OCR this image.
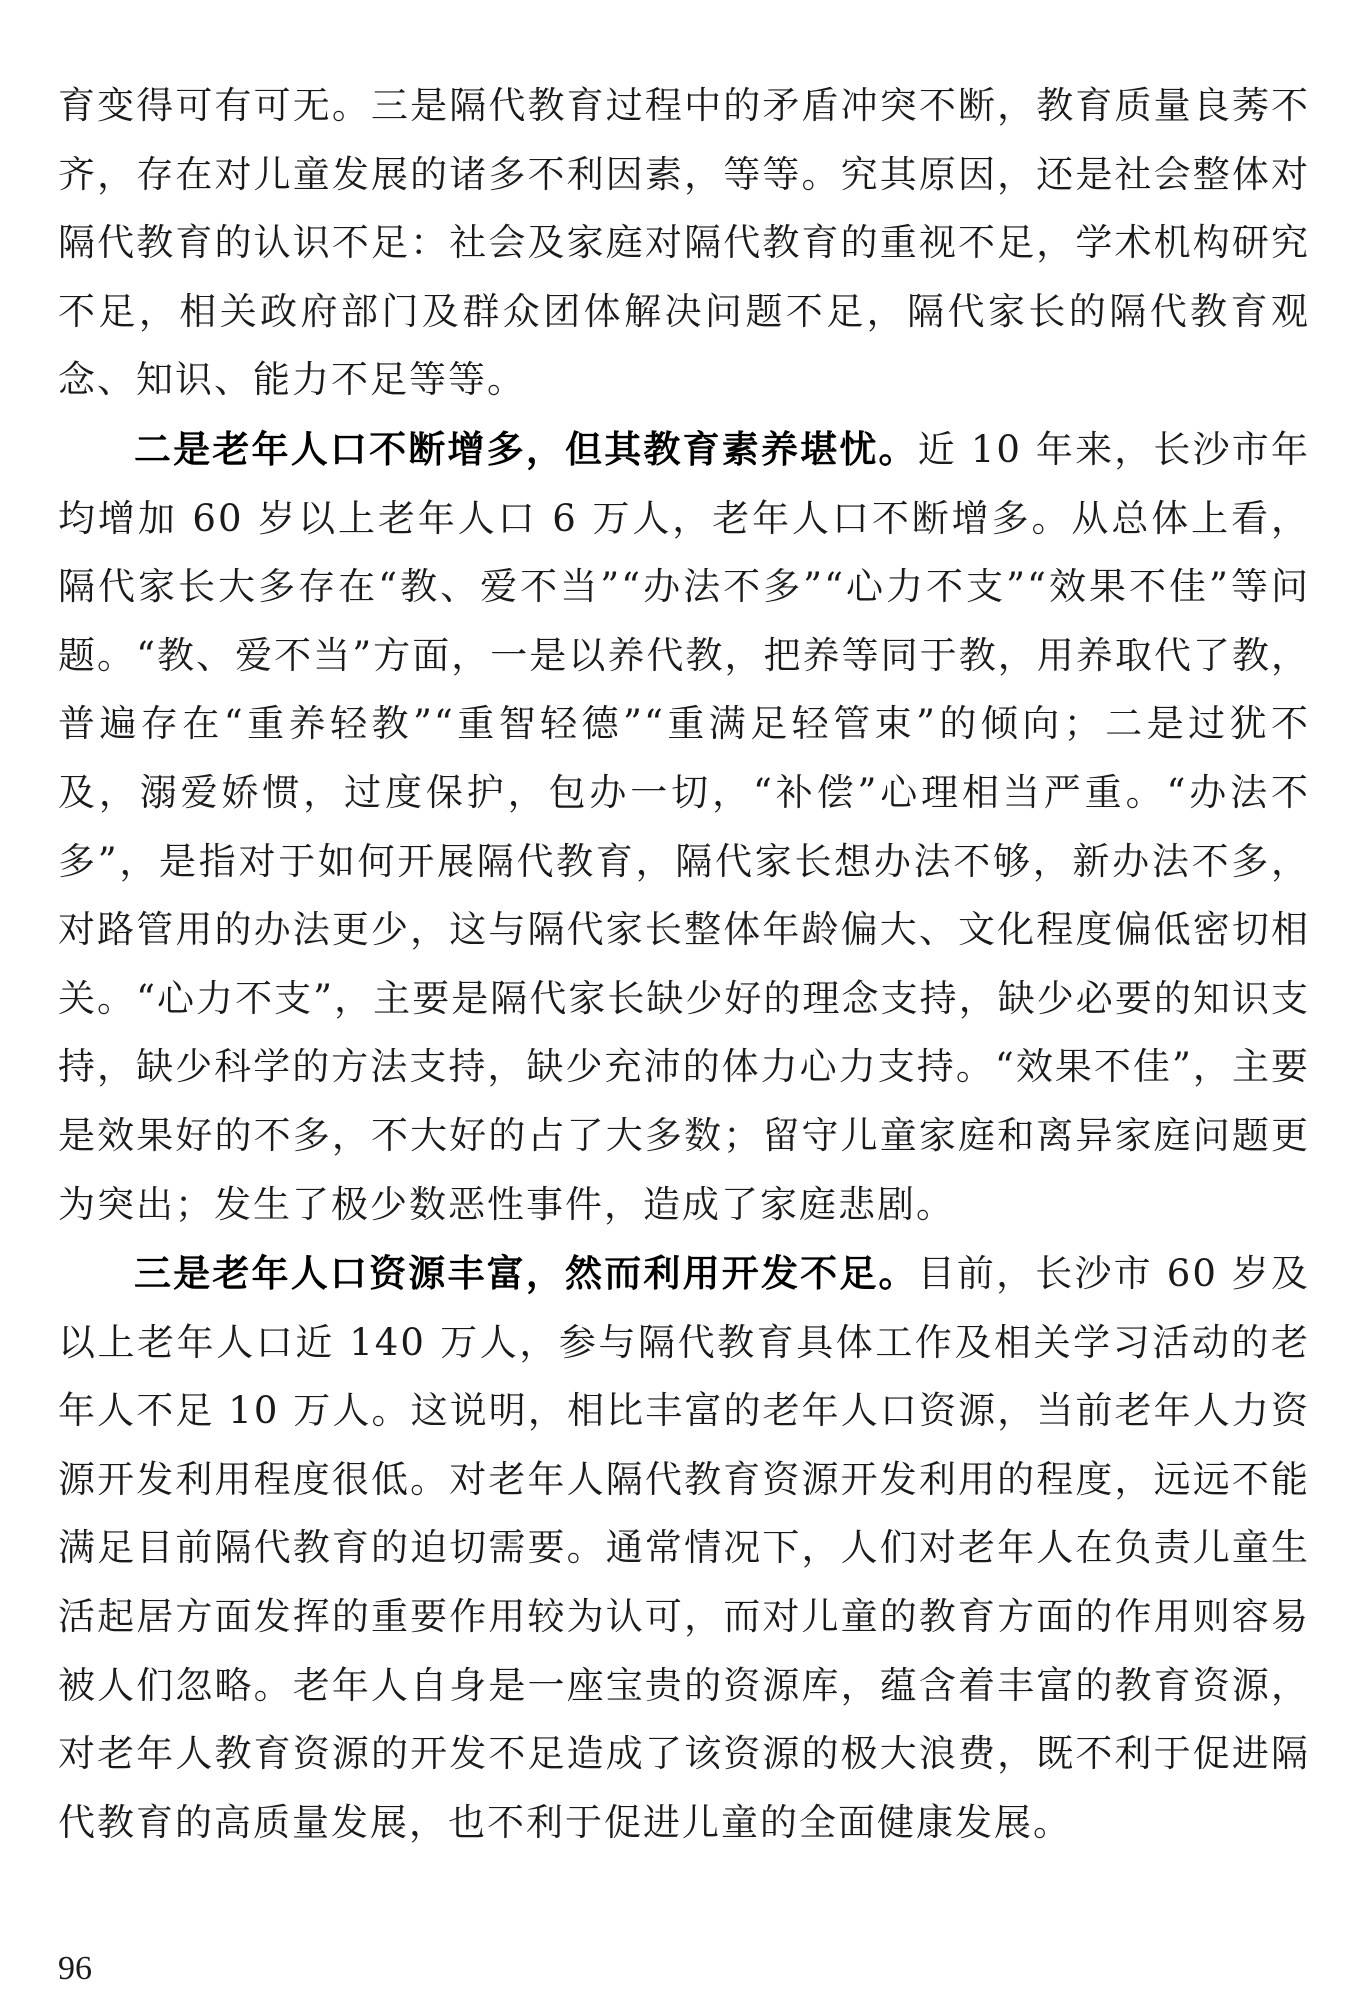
育变得可有可无。三是隔代教育过程中的矛盾冲突不断，教育质量良莠不齐，存在对儿童发展的诸多不利因素，等等。究其原因，还是社会整体对隔代教育的认识不足：社会及家庭对隔代教育的重视不足，学术机构研究不足，相关政府部门及群众团体解决问题不足，隔代家长的隔代教育观念、知识、能力不足等等。

二是老年人口不断增多，但其教育素养堪忧。近 10 年来，长沙市年均增加 60 岁以上老年人口 6 万人，老年人口不断增多。从总体上看，隔代家长大多存在“教、爱不当”“办法不多”“心力不支”“效果不佳”等问题。“教、爱不当”方面，一是以养代教，把养等同于教，用养取代了教，普遍存在“重养轻教”“重智轻德”“重满足轻管束”的倾向；二是过犹不及，溺爱娇惯，过度保护，包办一切，“补偿”心理相当严重。“办法不多”，是指对于如何开展隔代教育，隔代家长想办法不够，新办法不多，对路管用的办法更少，这与隔代家长整体年龄偏大、文化程度偏低密切相关。“心力不支”，主要是隔代家长缺少好的理念支持，缺少必要的知识支持，缺少科学的方法支持，缺少充沛的体力心力支持。“效果不佳”，主要是效果好的不多，不大好的占了大多数；留守儿童家庭和离异家庭问题更为突出；发生了极少数恶性事件，造成了家庭悲剧。

三是老年人口资源丰富，然而利用开发不足。目前，长沙市 60 岁及以上老年人口近 140 万人，参与隔代教育具体工作及相关学习活动的老年人不足 10 万人。这说明，相比丰富的老年人口资源，当前老年人力资源开发利用程度很低。对老年人隔代教育资源开发利用的程度，远远不能满足目前隔代教育的迫切需要。通常情况下，人们对老年人在负责儿童生活起居方面发挥的重要作用较为认可，而对儿童的教育方面的作用则容易被人们忽略。老年人自身是一座宝贵的资源库，蕴含着丰富的教育资源，对老年人教育资源的开发不足造成了该资源的极大浪费，既不利于促进隔代教育的高质量发展，也不利于促进儿童的全面健康发展。

96
